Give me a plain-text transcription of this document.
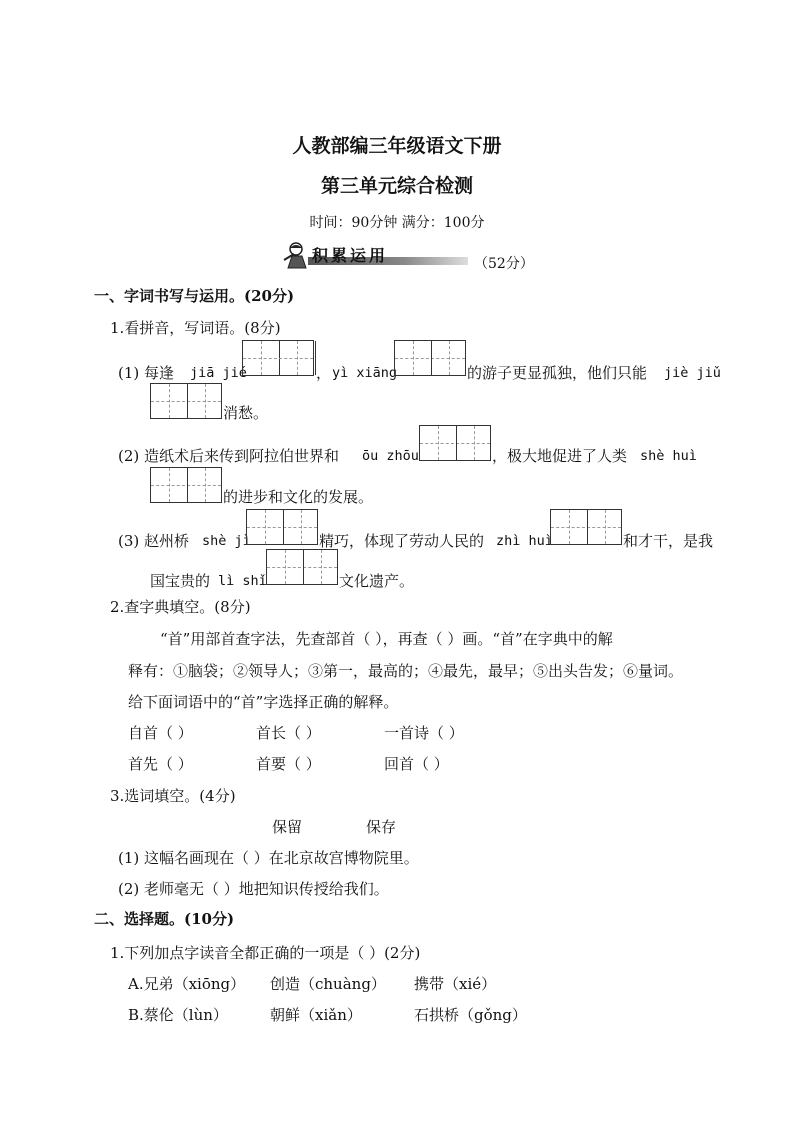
人教部编三年级语文下册
第三单元综合检测
时间：90分钟 满分：100分
积累运用	（52分）
一、字词书写与运用。(20分)
1.看拼音，写词语。(8分)
(1) 每逢 jiā jié	， yì xiāng	的游子更显孤独，他们只能 jiè jiǔ
消愁。
(2) 造纸术后来传到阿拉伯世界和 ōu zhōu	，极大地促进了人类 shè huì
的进步和文化的发展。
(3) 赵州桥 shè jì	精巧，体现了劳动人民的 zhì huì	和才干，是我
国宝贵的 lì shǐ	文化遗产。
2.查字典填空。(8分)
“首”用部首查字法，先查部首（ ），再查（ ）画。“首”在字典中的解
释有：①脑袋；②领导人；③第一，最高的；④最先，最早；⑤出头告发；⑥量词。
给下面词语中的“首”字选择正确的解释。
自首（ ）	首长（ ）	一首诗（ ）
首先（ ）	首要（ ）	回首（ ）
3.选词填空。(4分)
保留	保存
(1) 这幅名画现在（ ）在北京故宫博物院里。
(2) 老师毫无（ ）地把知识传授给我们。
二、选择题。(10分)
1.下列加点字读音全都正确的一项是（ ）(2分)
A.兄弟（xiōng） 创造（chuàng） 携带（xié）
B.蔡伦（lùn）	朝鲜（xiǎn）	石拱桥（gǒng）
